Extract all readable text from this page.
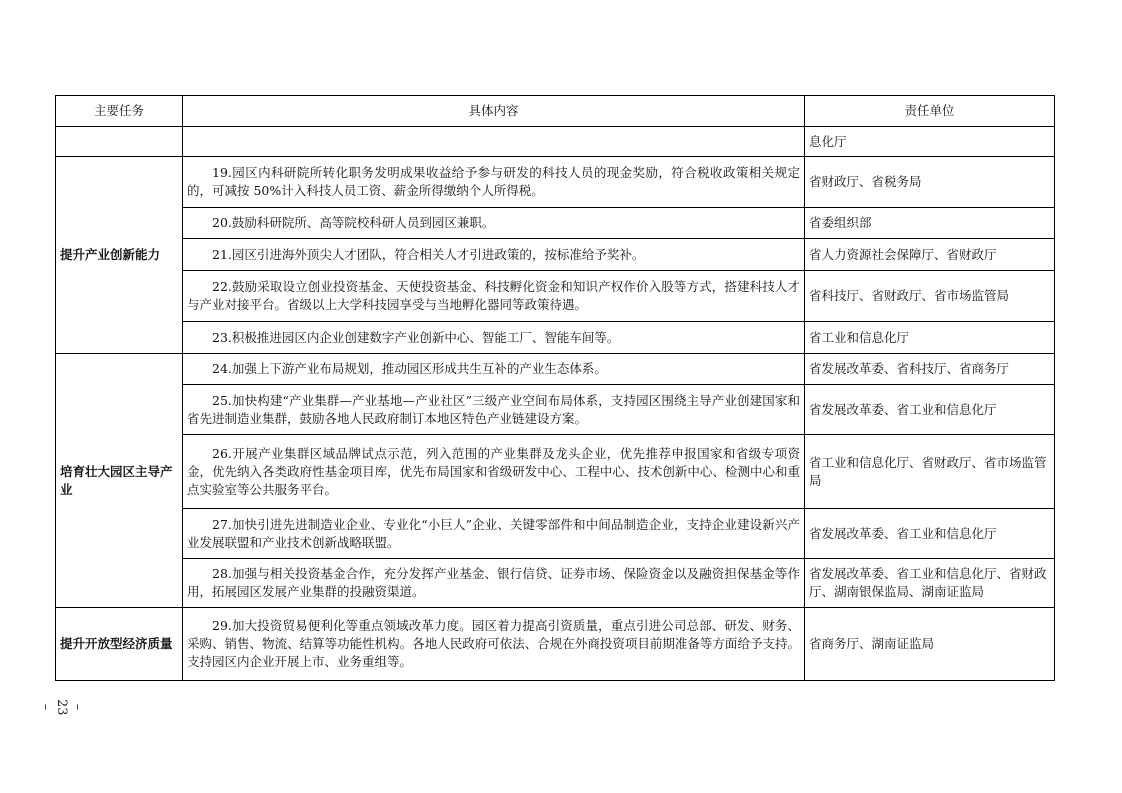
主要任务	具体内容	责任单位
		息化厅
提升产业创新能力	19.园区内科研院所转化职务发明成果收益给予参与研发的科技人员的现金奖励，符合税收政策相关规定的，可减按 50%计入科技人员工资、薪金所得缴纳个人所得税。	省财政厅、省税务局
	20.鼓励科研院所、高等院校科研人员到园区兼职。	省委组织部
	21.园区引进海外顶尖人才团队，符合相关人才引进政策的，按标准给予奖补。	省人力资源社会保障厅、省财政厅
	22.鼓励采取设立创业投资基金、天使投资基金、科技孵化资金和知识产权作价入股等方式，搭建科技人才与产业对接平台。省级以上大学科技园享受与当地孵化器同等政策待遇。	省科技厅、省财政厅、省市场监管局
	23.积极推进园区内企业创建数字产业创新中心、智能工厂、智能车间等。	省工业和信息化厅
培育壮大园区主导产业	24.加强上下游产业布局规划，推动园区形成共生互补的产业生态体系。	省发展改革委、省科技厅、省商务厅
	25.加快构建“产业集群—产业基地—产业社区”三级产业空间布局体系，支持园区围绕主导产业创建国家和省先进制造业集群，鼓励各地人民政府制订本地区特色产业链建设方案。	省发展改革委、省工业和信息化厅
	26.开展产业集群区域品牌试点示范，列入范围的产业集群及龙头企业，优先推荐申报国家和省级专项资金，优先纳入各类政府性基金项目库，优先布局国家和省级研发中心、工程中心、技术创新中心、检测中心和重点实验室等公共服务平台。	省工业和信息化厅、省财政厅、省市场监管局
	27.加快引进先进制造业企业、专业化“小巨人”企业、关键零部件和中间品制造企业，支持企业建设新兴产业发展联盟和产业技术创新战略联盟。	省发展改革委、省工业和信息化厅
	28.加强与相关投资基金合作，充分发挥产业基金、银行信贷、证券市场、保险资金以及融资担保基金等作用，拓展园区发展产业集群的投融资渠道。	省发展改革委、省工业和信息化厅、省财政厅、湖南银保监局、湖南证监局
提升开放型经济质量	29.加大投资贸易便利化等重点领域改革力度。园区着力提高引资质量，重点引进公司总部、研发、财务、采购、销售、物流、结算等功能性机构。各地人民政府可依法、合规在外商投资项目前期准备等方面给予支持。支持园区内企业开展上市、业务重组等。	省商务厅、湖南证监局
– 23 –
